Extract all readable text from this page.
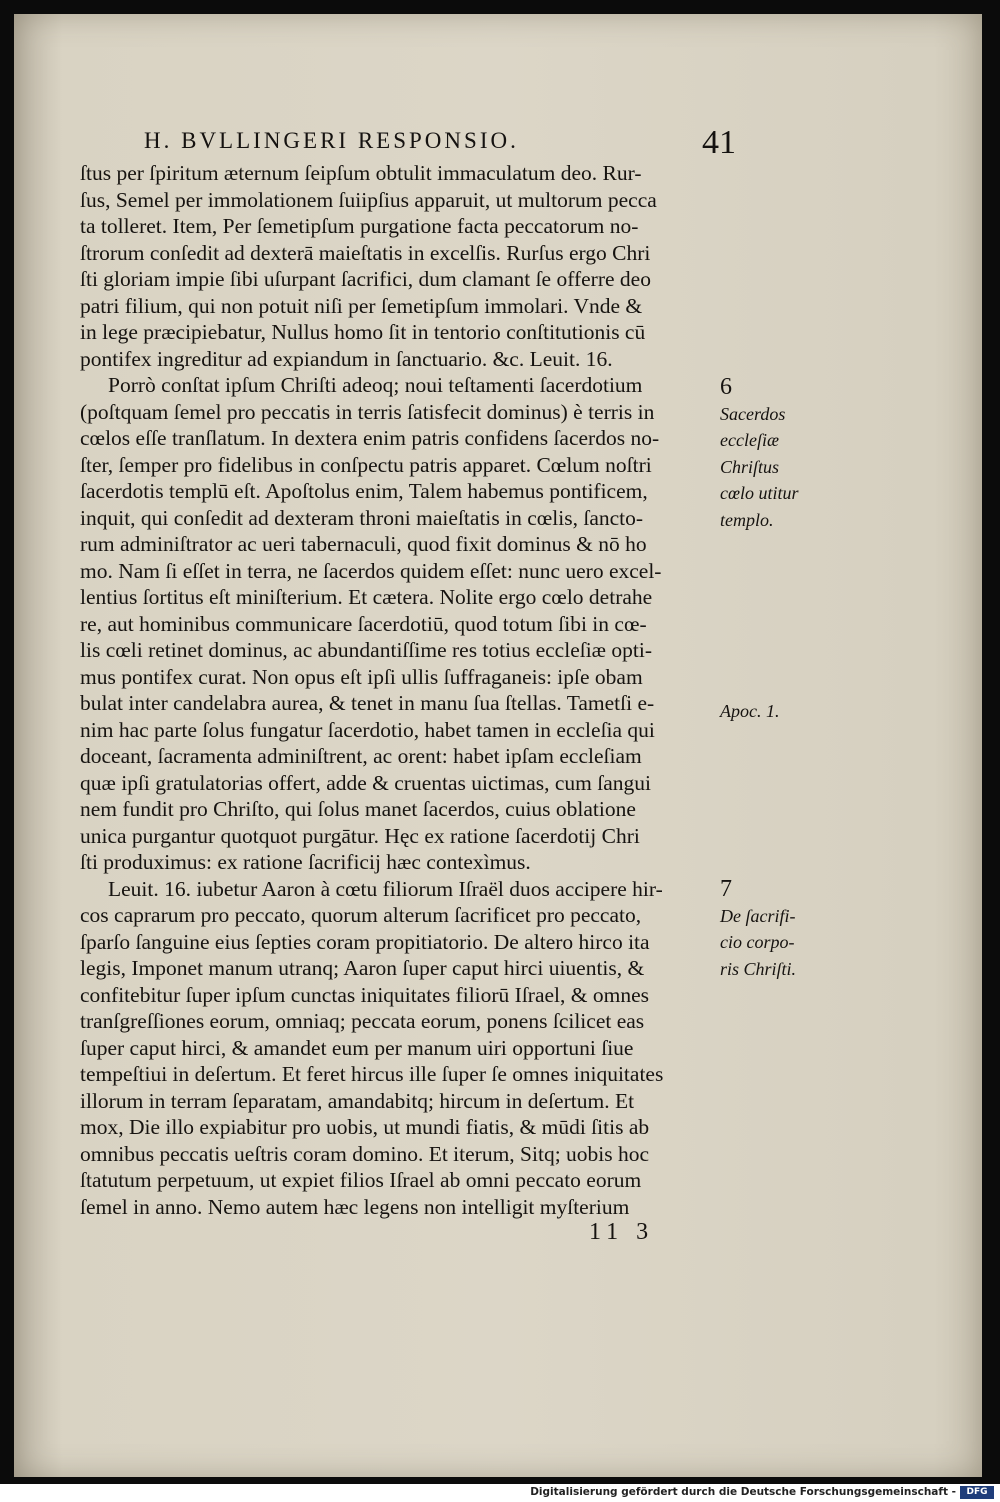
H. BVLLINGERI RESPONSIO.	41
ſtus per ſpiritum æternum ſeipſum obtulit immaculatum deo. Rur-
ſus, Semel per immolationem ſuiipſius apparuit, ut multorum pecca
ta tolleret. Item, Per ſemetipſum purgatione facta peccatorum no-
ſtrorum conſedit ad dexterā maieſtatis in excelſis. Rurſus ergo Chri
ſti gloriam impie ſibi uſurpant ſacrifici, dum clamant ſe offerre deo
patri filium, qui non potuit niſi per ſemetipſum immolari. Vnde &
in lege præcipiebatur, Nullus homo ſit in tentorio conſtitutionis cū
pontifex ingreditur ad expiandum in ſanctuario. &c. Leuit. 16.
Porrò conſtat ipſum Chriſti adeoq; noui teſtamenti ſacerdotium
(poſtquam ſemel pro peccatis in terris ſatisfecit dominus) è terris in
cœlos eſſe tranſlatum. In dextera enim patris confidens ſacerdos no-
ſter, ſemper pro fidelibus in conſpectu patris apparet. Cœlum noſtri
ſacerdotis templū eſt. Apoſtolus enim, Talem habemus pontificem,
inquit, qui conſedit ad dexteram throni maieſtatis in cœlis, ſancto-
rum adminiſtrator ac ueri tabernaculi, quod fixit dominus & nō ho
mo. Nam ſi eſſet in terra, ne ſacerdos quidem eſſet: nunc uero excel-
lentius ſortitus eſt miniſterium. Et cætera. Nolite ergo cœlo detrahe
re, aut hominibus communicare ſacerdotiū, quod totum ſibi in cœ-
lis cœli retinet dominus, ac abundantiſſime res totius eccleſiæ opti-
mus pontifex curat. Non opus eſt ipſi ullis ſuffraganeis: ipſe obam
bulat inter candelabra aurea, & tenet in manu ſua ſtellas. Tametſi e-
nim hac parte ſolus fungatur ſacerdotio, habet tamen in eccleſia qui
doceant, ſacramenta adminiſtrent, ac orent: habet ipſam eccleſiam
quæ ipſi gratulatorias offert, adde & cruentas uictimas, cum ſangui
nem fundit pro Chriſto, qui ſolus manet ſacerdos, cuius oblatione
unica purgantur quotquot purgātur. Hęc ex ratione ſacerdotij Chri
ſti produximus: ex ratione ſacrificij hæc contexìmus.
Leuit. 16. iubetur Aaron à cœtu filiorum Iſraël duos accipere hir-
cos caprarum pro peccato, quorum alterum ſacrificet pro peccato,
ſparſo ſanguine eius ſepties coram propitiatorio. De altero hirco ita
legis, Imponet manum utranq; Aaron ſuper caput hirci uiuentis, &
confitebitur ſuper ipſum cunctas iniquitates filiorū Iſrael, & omnes
tranſgreſſiones eorum, omniaq; peccata eorum, ponens ſcilicet eas
ſuper caput hirci, & amandet eum per manum uiri opportuni ſiue
tempeſtiui in deſertum. Et feret hircus ille ſuper ſe omnes iniquitates
illorum in terram ſeparatam, amandabitq; hircum in deſertum. Et
mox, Die illo expiabitur pro uobis, ut mundi fiatis, & mūdi ſitis ab
omnibus peccatis ueſtris coram domino. Et iterum, Sitq; uobis hoc
ſtatutum perpetuum, ut expiet filios Iſrael ab omni peccato eorum
ſemel in anno. Nemo autem hæc legens non intelligit myſterium
6
Sacerdos
eccleſiæ
Chriſtus
cœlo utitur
templo.
Apoc. 1.
7
De ſacrifi-
cio corpo-
ris Chriſti.
11 3
Digitalisierung gefördert durch die Deutsche Forschungsgemeinschaft -	DFG
